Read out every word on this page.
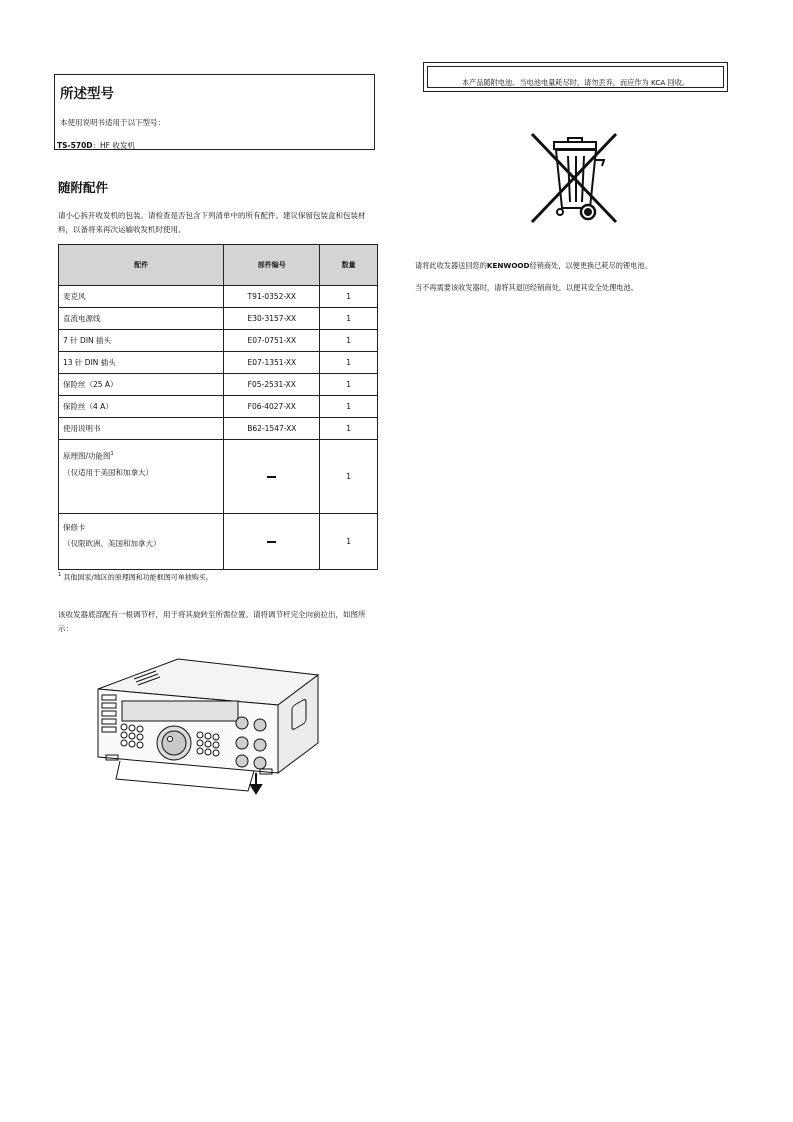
所述型号
本使用说明书适用于以下型号：
TS-570D：HF 收发机
随附配件
请小心拆开收发机的包装。请检查是否包含下列清单中的所有配件。建议保留包装盒和包装材料，以备将来再次运输收发机时使用。
配件	部件编号	数量
麦克风	T91-0352-XX	1
直流电源线	E30-3157-XX	1
7 针 DIN 插头	E07-0751-XX	1
13 针 DIN 插头	E07-1351-XX	1
保险丝（25 A）	F05-2531-XX	1
保险丝（4 A）	F06-4027-XX	1
使用说明书	B62-1547-XX	1
原理图/功能图$^1$
（仅适用于美国和加拿大）		1
保修卡
（仅限欧洲、美国和加拿大）		1
$^1$ 其他国家/地区的原理图和功能框图可单独购买。
该收发器底部配有一根调节杆，用于将其旋转至所需位置。请将调节杆完全向前拉出，如图所示：
本产品随附电池。当电池电量耗尽时，请勿丢弃，而应作为 KCA 回收。
请将此收发器送回您的KENWOOD经销商处，以便更换已耗尽的锂电池。
当不再需要该收发器时，请将其退回经销商处，以便其安全处理电池。
